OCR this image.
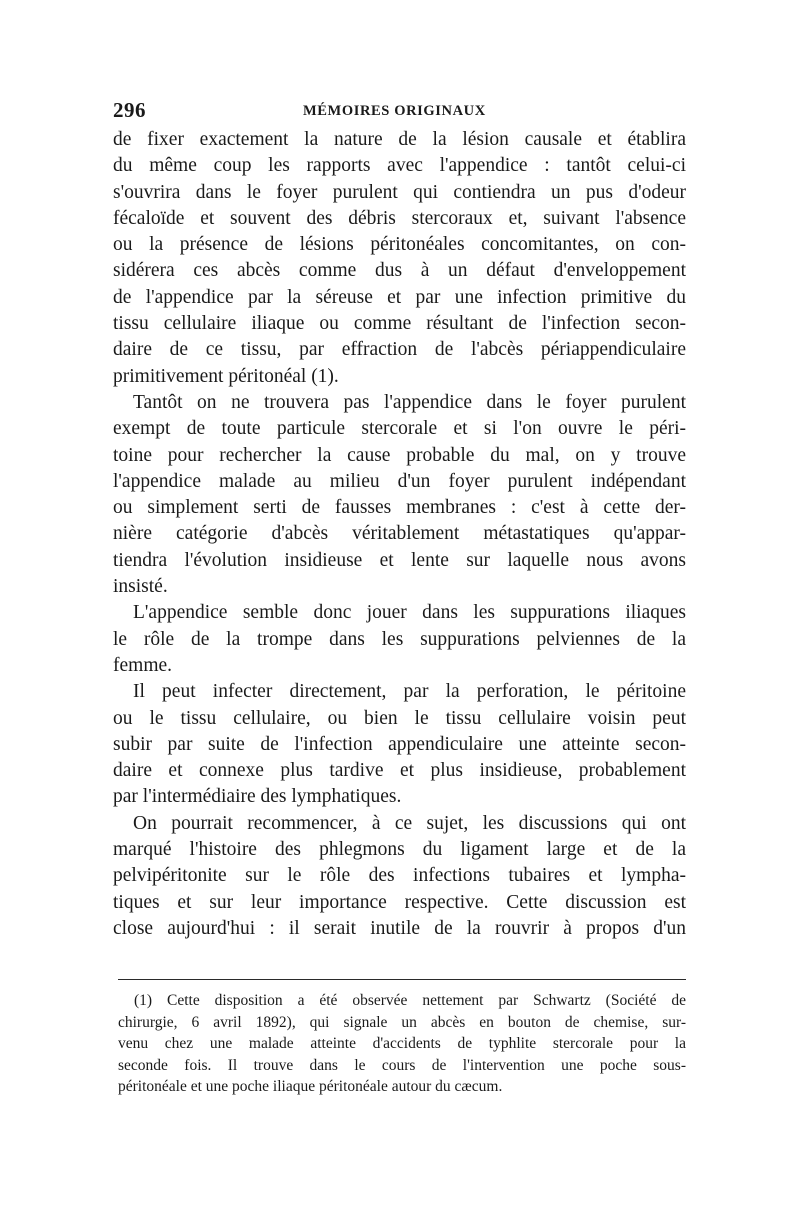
296	MÉMOIRES ORIGINAUX
de fixer exactement la nature de la lésion causale et établira
du même coup les rapports avec l'appendice : tantôt celui-ci
s'ouvrira dans le foyer purulent qui contiendra un pus d'odeur
fécaloïde et souvent des débris stercoraux et, suivant l'absence
ou la présence de lésions péritonéales concomitantes, on con-
sidérera ces abcès comme dus à un défaut d'enveloppement
de l'appendice par la séreuse et par une infection primitive du
tissu cellulaire iliaque ou comme résultant de l'infection secon-
daire de ce tissu, par effraction de l'abcès périappendiculaire
primitivement péritonéal (1).
Tantôt on ne trouvera pas l'appendice dans le foyer purulent
exempt de toute particule stercorale et si l'on ouvre le péri-
toine pour rechercher la cause probable du mal, on y trouve
l'appendice malade au milieu d'un foyer purulent indépendant
ou simplement serti de fausses membranes : c'est à cette der-
nière catégorie d'abcès véritablement métastatiques qu'appar-
tiendra l'évolution insidieuse et lente sur laquelle nous avons
insisté.
L'appendice semble donc jouer dans les suppurations iliaques
le rôle de la trompe dans les suppurations pelviennes de la
femme.
Il peut infecter directement, par la perforation, le péritoine
ou le tissu cellulaire, ou bien le tissu cellulaire voisin peut
subir par suite de l'infection appendiculaire une atteinte secon-
daire et connexe plus tardive et plus insidieuse, probablement
par l'intermédiaire des lymphatiques.
On pourrait recommencer, à ce sujet, les discussions qui ont
marqué l'histoire des phlegmons du ligament large et de la
pelvipéritonite sur le rôle des infections tubaires et lympha-
tiques et sur leur importance respective. Cette discussion est
close aujourd'hui : il serait inutile de la rouvrir à propos d'un
(1) Cette disposition a été observée nettement par Schwartz (Société de
chirurgie, 6 avril 1892), qui signale un abcès en bouton de chemise, sur-
venu chez une malade atteinte d'accidents de typhlite stercorale pour la
seconde fois. Il trouve dans le cours de l'intervention une poche sous-
péritonéale et une poche iliaque péritonéale autour du cæcum.
